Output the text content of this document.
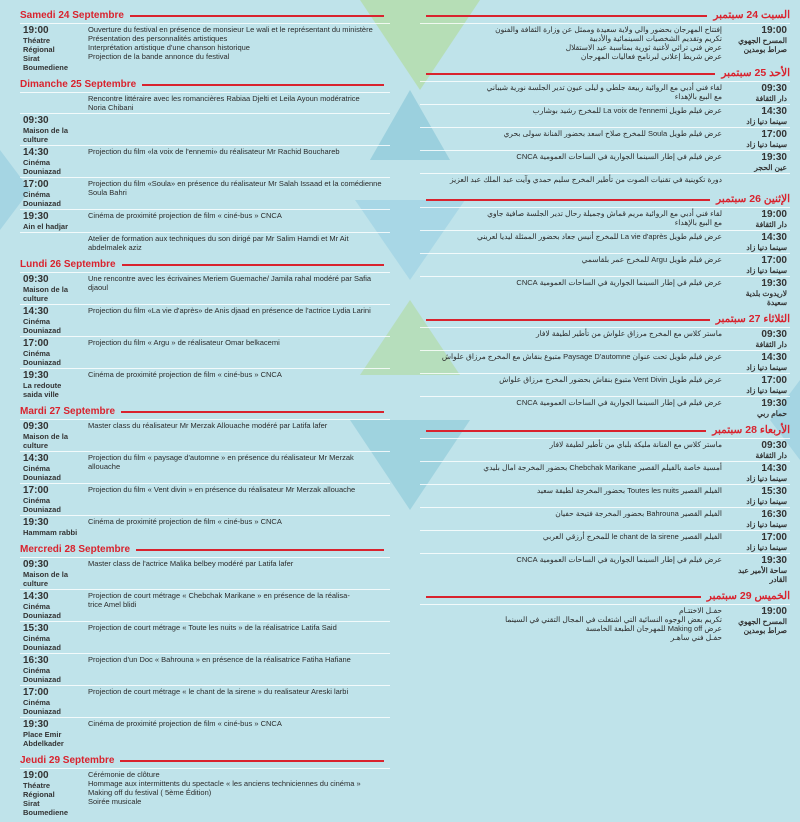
Samedi 24 Septembre
19:00
Théatre Régional
Sirat Boumediene
Ouverture du festival en présence de monsieur Le wali et le représentant du ministère
Présentation des personnalités artistiques
Interprétation artistique d'une chanson historique
Projection de la bande annonce du festival
Dimanche 25 Septembre
Rencontre littéraire avec les romancières Rabiaa Djelti et Leila Ayoun modératrice
Noria Chibani
09:30
Maison de la culture
14:30
Cinéma Douniazad
Projection du film «la voix de l'ennemi» du réalisateur Mr Rachid Bouchareb
17:00
Cinéma Douniazad
Projection du film «Soula» en présence du réalisateur Mr Salah Issaad et la comédienne
Soula Bahri
19:30
Ain el hadjar
Cinéma de proximité projection de film « ciné-bus » CNCA
Atelier de formation aux techniques du son dirigé par Mr Salim Hamdi et Mr Ait abdelmalek aziz
Lundi 26 Septembre
09:30
Maison de la culture
Une rencontre avec les écrivaines Meriem Guemache/ Jamila rahal modéré par Safia djaoul
14:30
Cinéma Douniazad
Projection du film «La vie d'après» de Anis djaad en présence de l'actrice Lydia Larini
17:00
Cinéma Douniazad
Projection du film « Argu » de réalisateur Omar belkacemi
19:30
La redoute saida ville
Cinéma de proximité projection de film « ciné-bus » CNCA
Mardi 27 Septembre
09:30
Maison de la culture
Master class du réalisateur Mr Merzak Allouache modéré par Latifa lafer
14:30
Cinéma Douniazad
Projection du film « paysage d'automne » en présence du réalisateur Mr Merzak allouache
17:00
Cinéma Douniazad
Projection du film « Vent divin » en présence du réalisateur Mr Merzak allouache
19:30
Hammam rabbi
Cinéma de proximité projection de film « ciné-bus » CNCA
Mercredi 28 Septembre
09:30
Maison de la culture
Master class de l'actrice Malika belbey modéré par Latifa lafer
14:30
Cinéma Douniazad
Projection de court métrage « Chebchak Marikane » en présence de la réalisa-
trice Amel blidi
15:30
Cinéma Douniazad
Projection de court métrage « Toute les nuits » de la réalisatrice Latifa Said
16:30
Cinéma Douniazad
Projection d'un Doc « Bahrouna » en présence de la réalisatrice Fatiha Hafiane
17:00
Cinéma Douniazad
Projection de court métrage « le chant de la sirene » du realisateur Areski larbi
19:30
Place Emir Abdelkader
Cinéma de proximité projection de film « ciné-bus » CNCA
Jeudi 29 Septembre
19:00
Théatre Régional
Sirat Boumediene
Cérémonie de clôture
Hommage aux intermittents du spectacle « les anciens techniciennes du cinéma »
Making off du festival ( 5ème Édition)
Soirée musicale
السبت 24 سبتمبر
19:00
المسرح الجهوي
صراط بومدين
إفتتاح المهرجان بحضور والي ولاية سعيدة وممثل عن وزارة الثقافة والفنون
تكريم وتقديم الشخصيات السينمائية والأدبية
عرض فني تراثي لأغنية ثورية بمناسبة عيد الاستقلال
عرض شريط إعلاني لبرنامج فعاليات المهرجان
الأحد 25 سبتمبر
09:30
دار الثقافة
لقاء فني أدبي مع الروائية ربيعة جلطي و ليلى عيون تدير الجلسة نورية شيباني
مع البيع بالإهداء
14:30
سينما دنيا زاد
عرض فيلم طويل La voix de l'ennemi للمخرج رشيد بوشارب
17:00
سينما دنيا زاد
عرض فيلم طويل Soula للمخرج صلاح اسعد بحضور الفنانة سولى بحري
19:30
عين الحجر
عرض فيلم في إطار السينما الجوارية في الساحات العمومية CNCA
دورة تكوينية في تقنيات الصوت من تأطير المخرج سليم حمدي وآيت عبد الملك عبد العزيز
الإثنين 26 سبتمبر
19:00
دار الثقافة
لقاء فني أدبي مع الروائية مريم قماش وجميلة رحال تدير الجلسة صافية جاوي
مع البيع بالإهداء
14:30
سينما دنيا زاد
عرض فيلم طويل La vie d'après للمخرج أنيس جعاد بحضور الممثلة ليديا لعريني
17:00
سينما دنيا زاد
عرض فيلم طويل Argu للمخرج عمر بلقاسمي
19:30
لاريدوت بلدية سعيدة
عرض فيلم في إطار السينما الجوارية في الساحات العمومية CNCA
الثلاثاء 27 سبتمبر
09:30
دار الثقافة
ماستر كلاس مع المخرج مرزاق علواش من تأطير لطيفة لافار
14:30
سينما دنيا زاد
عرض فيلم طويل تحت عنوان Paysage D'automne متبوع بنقاش مع المخرج مرزاق علواش
17:00
سينما دنيا زاد
عرض فيلم طويل Vent Divin متبوع بنقاش بحضور المخرج مرزاق علواش
19:30
حمام ربي
عرض فيلم في إطار السينما الجوارية في الساحات العمومية CNCA
الأربعاء 28 سبتمبر
09:30
دار الثقافة
ماستر كلاس مع الفنانة مليكة بلباي من تأطير لطيفة لافار
14:30
سينما دنيا زاد
أمسية خاصة بالفيلم القصير Chebchak Marikane بحضور المخرجة امال بليدي
15:30
سينما دنيا زاد
الفيلم القصير Toutes les nuits بحضور المخرجة لطيفة سعيد
16:30
سينما دنيا زاد
الفيلم القصير Bahrouna بحضور المخرجة فتيحة حفيان
17:00
سينما دنيا زاد
الفيلم القصير le chant de la sirene للمخرج أرزقي العربي
19:30
ساحة الأمير عبد القادر
عرض فيلم في إطار السينما الجوارية في الساحات العمومية CNCA
الخميس 29 سبتمبر
19:00
المسرح الجهوي
صراط بومدين
حفـل الاختتـام
تكريم بعض الوجوه النسائية التي اشتغلت في المجال التقني في السينما
عرض Making off للمهرجان الطبعة الخامسة
حفـل فني ساهـر
